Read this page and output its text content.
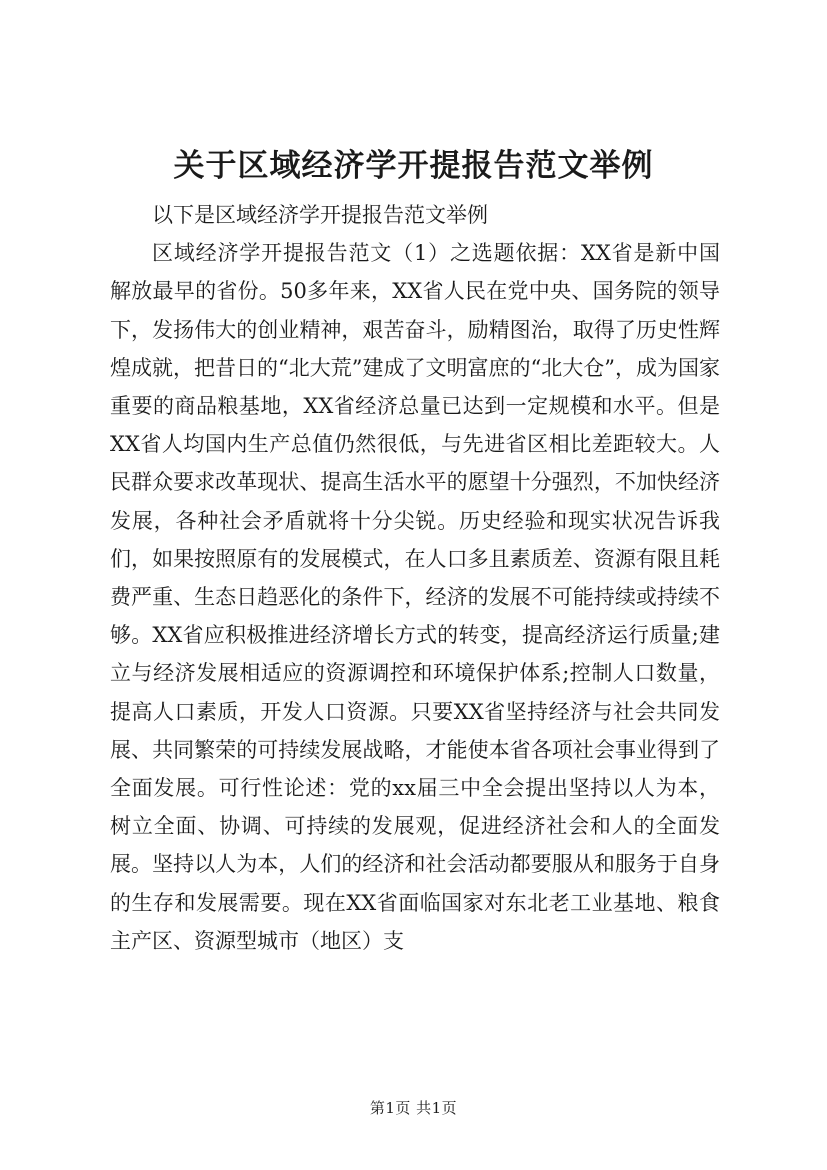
关于区域经济学开提报告范文举例

以下是区域经济学开提报告范文举例

区域经济学开提报告范文（1）之选题依据：XX省是新中国解放最早的省份。50多年来，XX省人民在党中央、国务院的领导下，发扬伟大的创业精神，艰苦奋斗，励精图治，取得了历史性辉煌成就，把昔日的“北大荒”建成了文明富庶的“北大仓”，成为国家重要的商品粮基地，XX省经济总量已达到一定规模和水平。但是XX省人均国内生产总值仍然很低，与先进省区相比差距较大。人民群众要求改革现状、提高生活水平的愿望十分强烈，不加快经济发展，各种社会矛盾就将十分尖锐。历史经验和现实状况告诉我们，如果按照原有的发展模式，在人口多且素质差、资源有限且耗费严重、生态日趋恶化的条件下，经济的发展不可能持续或持续不够。XX省应积极推进经济增长方式的转变，提高经济运行质量;建立与经济发展相适应的资源调控和环境保护体系;控制人口数量，提高人口素质，开发人口资源。只要XX省坚持经济与社会共同发展、共同繁荣的可持续发展战略，才能使本省各项社会事业得到了全面发展。可行性论述：党的xx届三中全会提出坚持以人为本，树立全面、协调、可持续的发展观，促进经济社会和人的全面发展。坚持以人为本，人们的经济和社会活动都要服从和服务于自身的生存和发展需要。现在XX省面临国家对东北老工业基地、粮食主产区、资源型城市（地区）支

第1页 共1页
